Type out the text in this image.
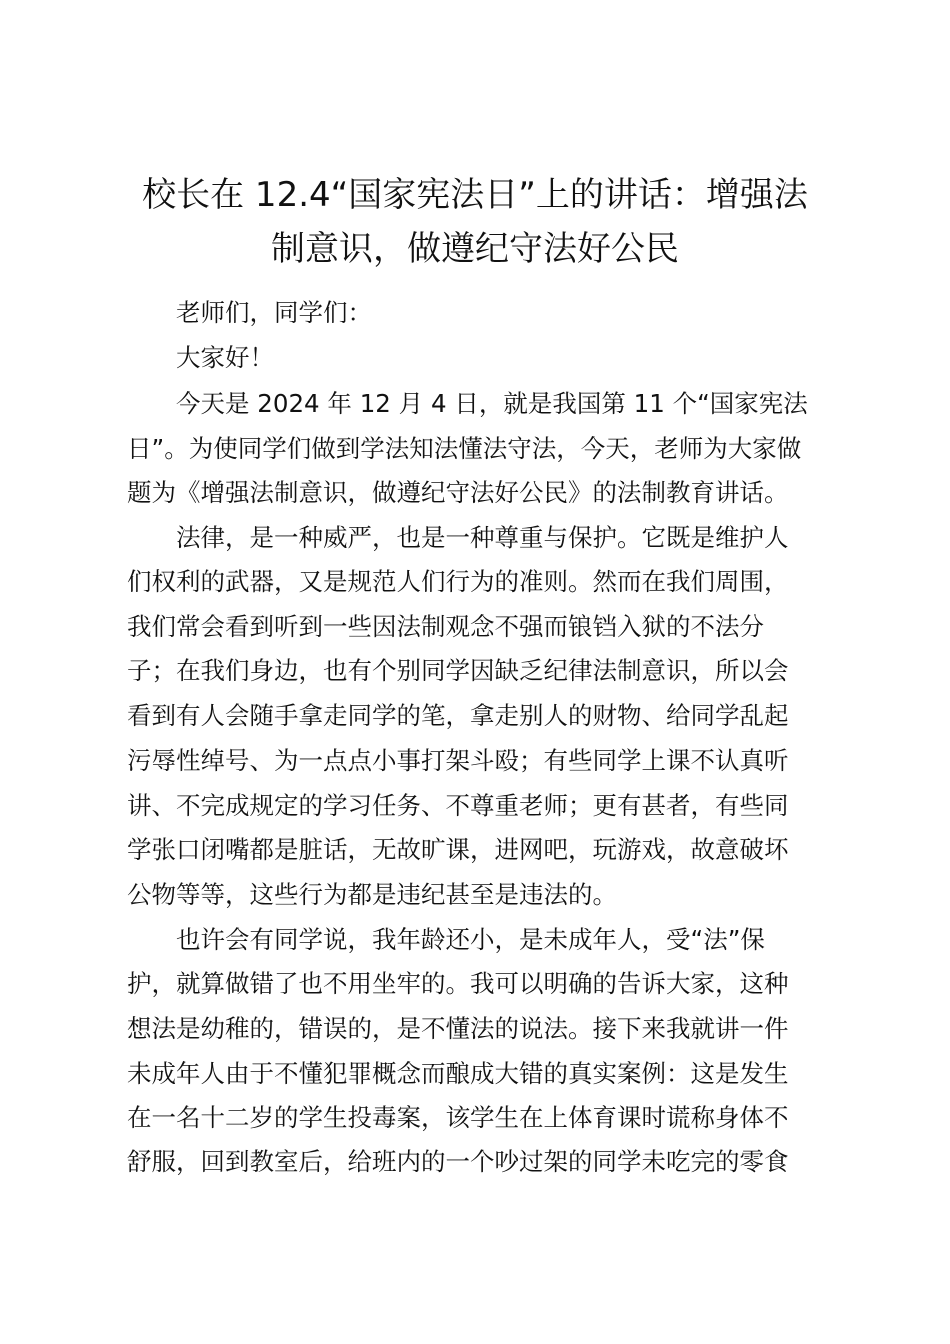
校长在 12.4“国家宪法日”上的讲话：增强法
制意识，做遵纪守法好公民
老师们，同学们：
大家好！
今天是 2024 年 12 月 4 日，就是我国第 11 个“国家宪法
日”。为使同学们做到学法知法懂法守法，今天，老师为大家做
题为《增强法制意识，做遵纪守法好公民》的法制教育讲话。
法律，是一种威严，也是一种尊重与保护。它既是维护人
们权利的武器，又是规范人们行为的准则。然而在我们周围，
我们常会看到听到一些因法制观念不强而锒铛入狱的不法分
子；在我们身边，也有个别同学因缺乏纪律法制意识，所以会
看到有人会随手拿走同学的笔，拿走别人的财物、给同学乱起
污辱性绰号、为一点点小事打架斗殴；有些同学上课不认真听
讲、不完成规定的学习任务、不尊重老师；更有甚者，有些同
学张口闭嘴都是脏话，无故旷课，进网吧，玩游戏，故意破坏
公物等等，这些行为都是违纪甚至是违法的。
也许会有同学说，我年龄还小，是未成年人，受“法”保
护，就算做错了也不用坐牢的。我可以明确的告诉大家，这种
想法是幼稚的，错误的，是不懂法的说法。接下来我就讲一件
未成年人由于不懂犯罪概念而酿成大错的真实案例：这是发生
在一名十二岁的学生投毒案，该学生在上体育课时谎称身体不
舒服，回到教室后，给班内的一个吵过架的同学未吃完的零食
